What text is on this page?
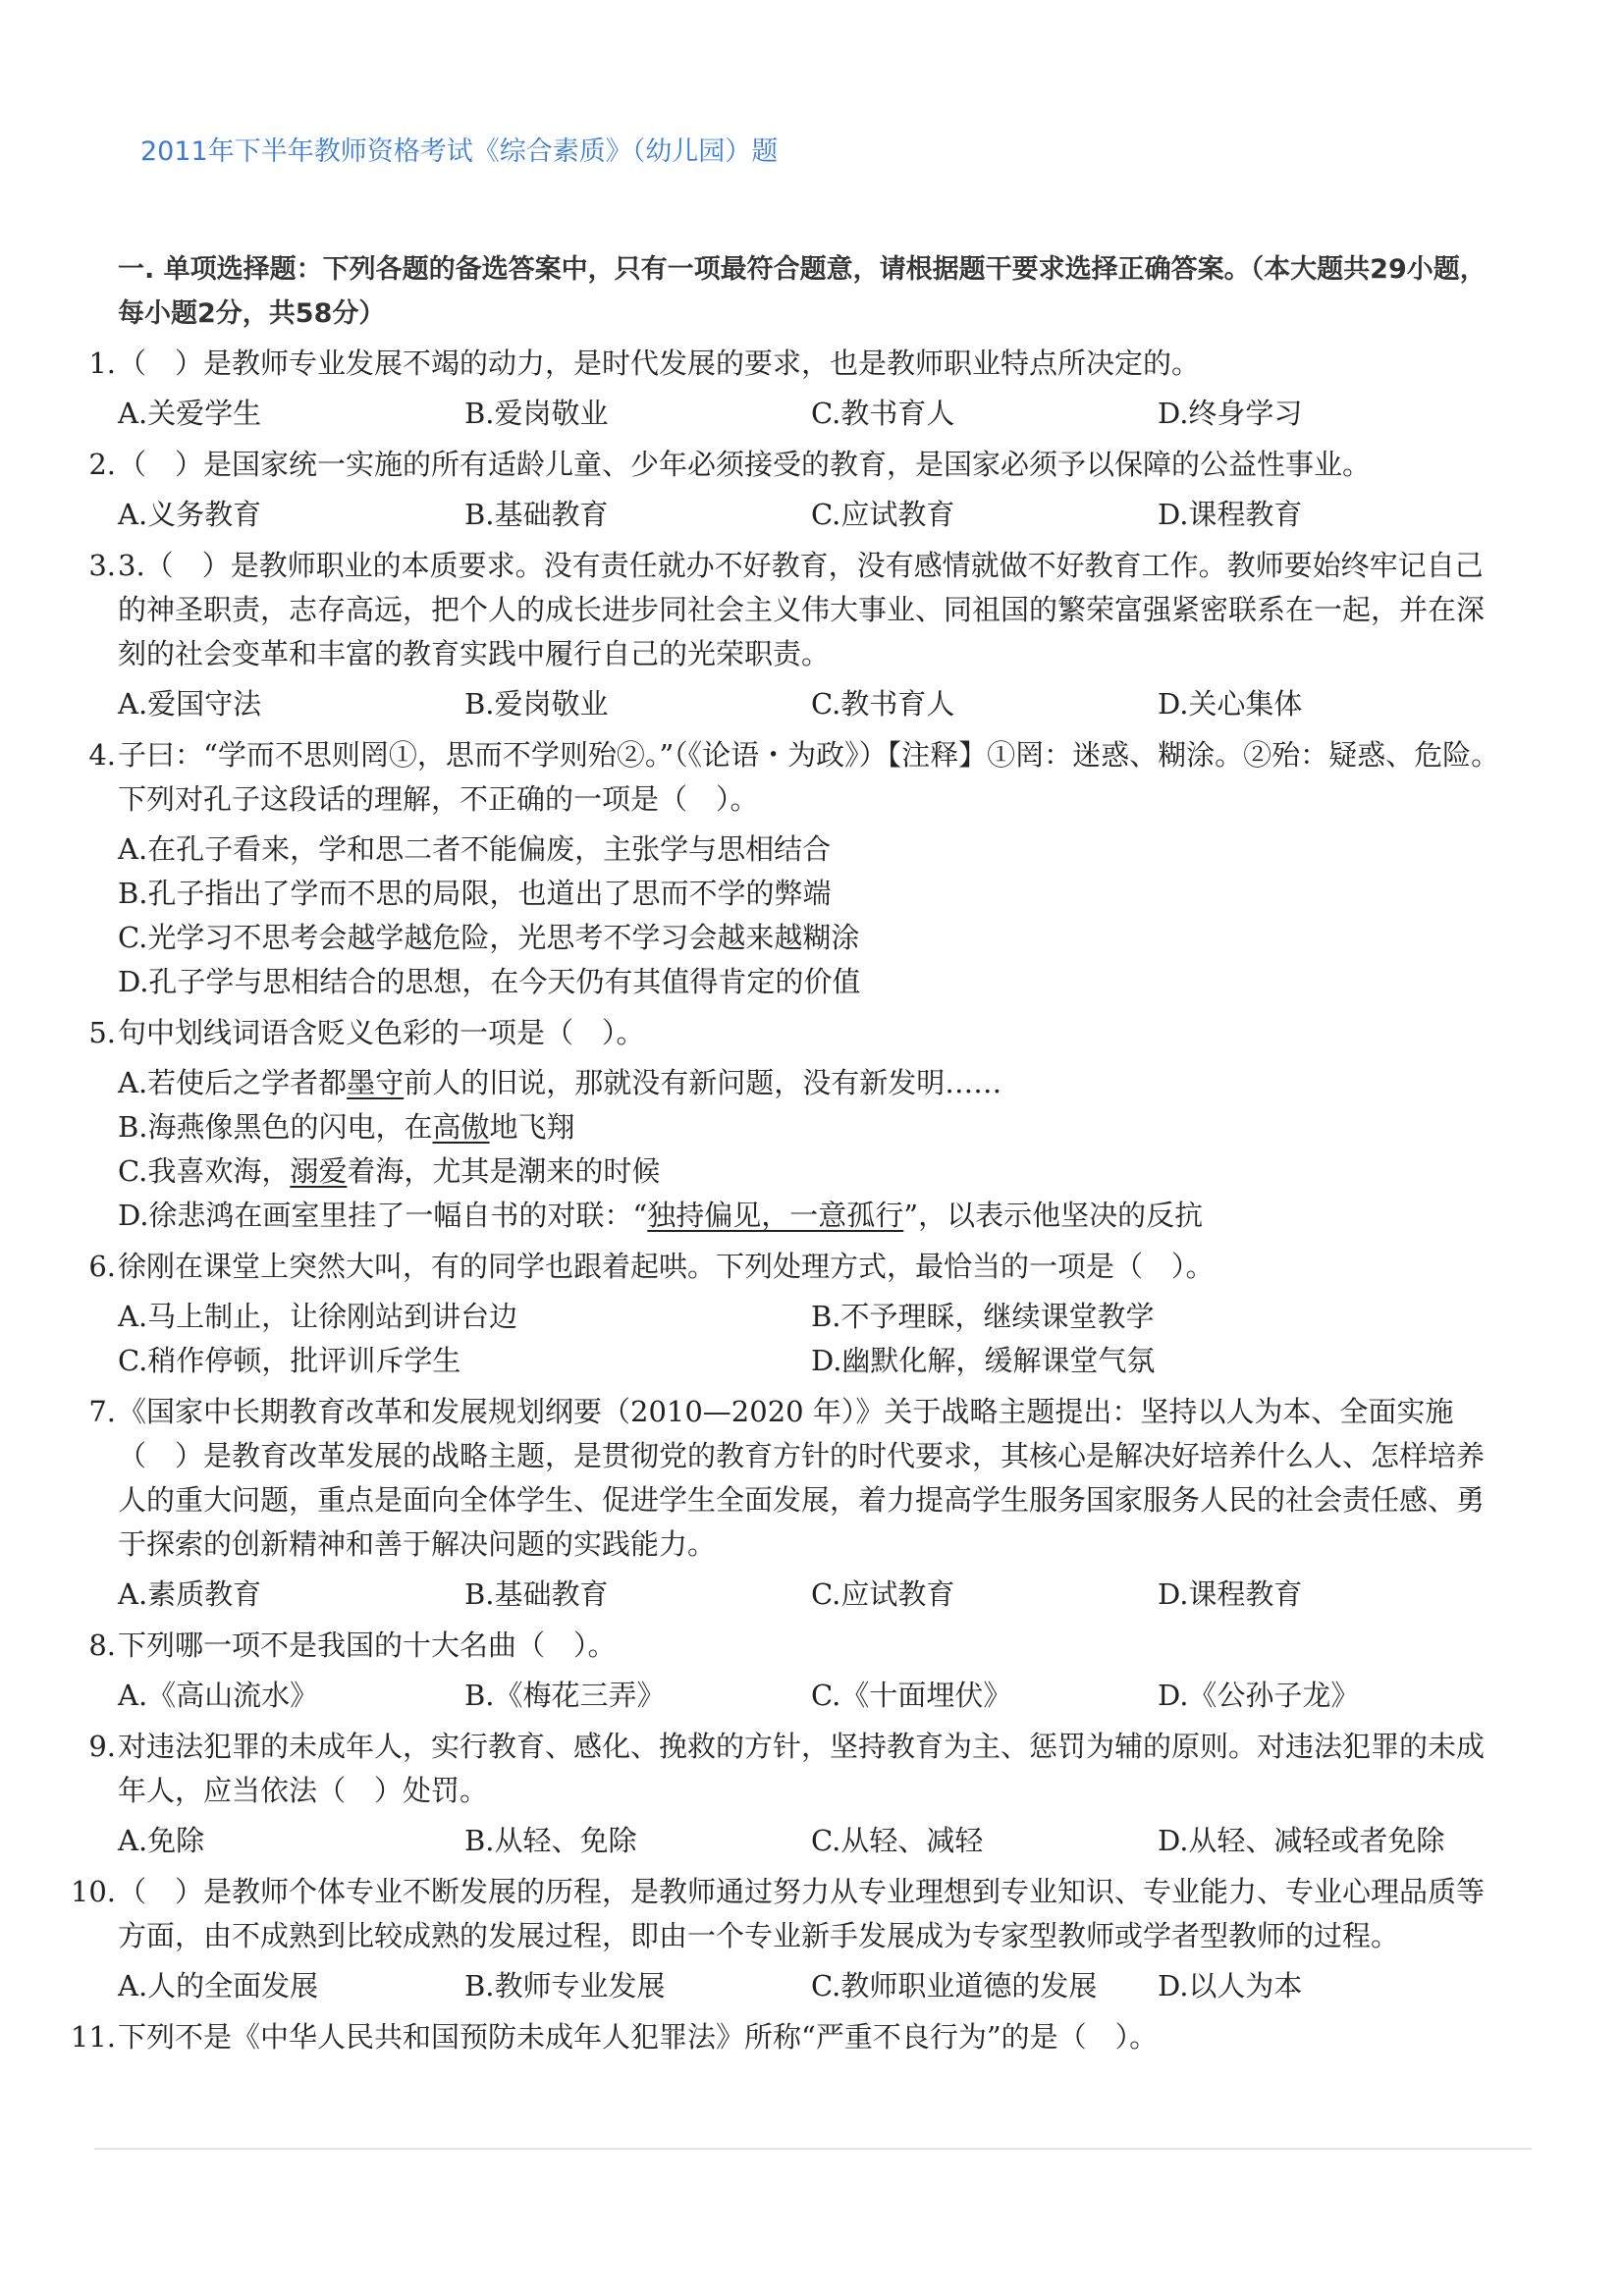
2011年下半年教师资格考试《综合素质》（幼儿园）题
一. 单项选择题：下列各题的备选答案中，只有一项最符合题意，请根据题干要求选择正确答案。（本大题共29小题，每小题2分，共58分）
1. （　）是教师专业发展不竭的动力，是时代发展的要求，也是教师职业特点所决定的。
A.关爱学生	B.爱岗敬业	C.教书育人	D.终身学习
2. （　）是国家统一实施的所有适龄儿童、少年必须接受的教育，是国家必须予以保障的公益性事业。
A.义务教育	B.基础教育	C.应试教育	D.课程教育
3. 3.（　）是教师职业的本质要求。没有责任就办不好教育，没有感情就做不好教育工作。教师要始终牢记自己的神圣职责，志存高远，把个人的成长进步同社会主义伟大事业、同祖国的繁荣富强紧密联系在一起，并在深刻的社会变革和丰富的教育实践中履行自己的光荣职责。
A.爱国守法	B.爱岗敬业	C.教书育人	D.关心集体
4. 子曰：“学而不思则罔①，思而不学则殆②。”（《论语・为政》）【注释】①罔：迷惑、糊涂。②殆：疑惑、危险。
下列对孔子这段话的理解，不正确的一项是（　）。
A.在孔子看来，学和思二者不能偏废，主张学与思相结合
B.孔子指出了学而不思的局限，也道出了思而不学的弊端
C.光学习不思考会越学越危险，光思考不学习会越来越糊涂
D.孔子学与思相结合的思想，在今天仍有其值得肯定的价值
5. 句中划线词语含贬义色彩的一项是（　）。
A.若使后之学者都墨守前人的旧说，那就没有新问题，没有新发明……
B.海燕像黑色的闪电，在高傲地飞翔
C.我喜欢海，溺爱着海，尤其是潮来的时候
D.徐悲鸿在画室里挂了一幅自书的对联：“独持偏见，一意孤行”，以表示他坚决的反抗
6. 徐刚在课堂上突然大叫，有的同学也跟着起哄。下列处理方式，最恰当的一项是（　）。
A.马上制止，让徐刚站到讲台边	B.不予理睬，继续课堂教学
C.稍作停顿，批评训斥学生	D.幽默化解，缓解课堂气氛
7. 《国家中长期教育改革和发展规划纲要（2010—2020 年）》关于战略主题提出：坚持以人为本、全面实施（　）是教育改革发展的战略主题，是贯彻党的教育方针的时代要求，其核心是解决好培养什么人、怎样培养人的重大问题，重点是面向全体学生、促进学生全面发展，着力提高学生服务国家服务人民的社会责任感、勇于探索的创新精神和善于解决问题的实践能力。
A.素质教育	B.基础教育	C.应试教育	D.课程教育
8. 下列哪一项不是我国的十大名曲（　）。
A.《高山流水》	B.《梅花三弄》	C.《十面埋伏》	D.《公孙子龙》
9. 对违法犯罪的未成年人，实行教育、感化、挽救的方针，坚持教育为主、惩罚为辅的原则。对违法犯罪的未成年人，应当依法（　）处罚。
A.免除	B.从轻、免除	C.从轻、减轻	D.从轻、减轻或者免除
10. （　）是教师个体专业不断发展的历程，是教师通过努力从专业理想到专业知识、专业能力、专业心理品质等方面，由不成熟到比较成熟的发展过程，即由一个专业新手发展成为专家型教师或学者型教师的过程。
A.人的全面发展	B.教师专业发展	C.教师职业道德的发展	D.以人为本
11. 下列不是《中华人民共和国预防未成年人犯罪法》所称“严重不良行为”的是（　）。
